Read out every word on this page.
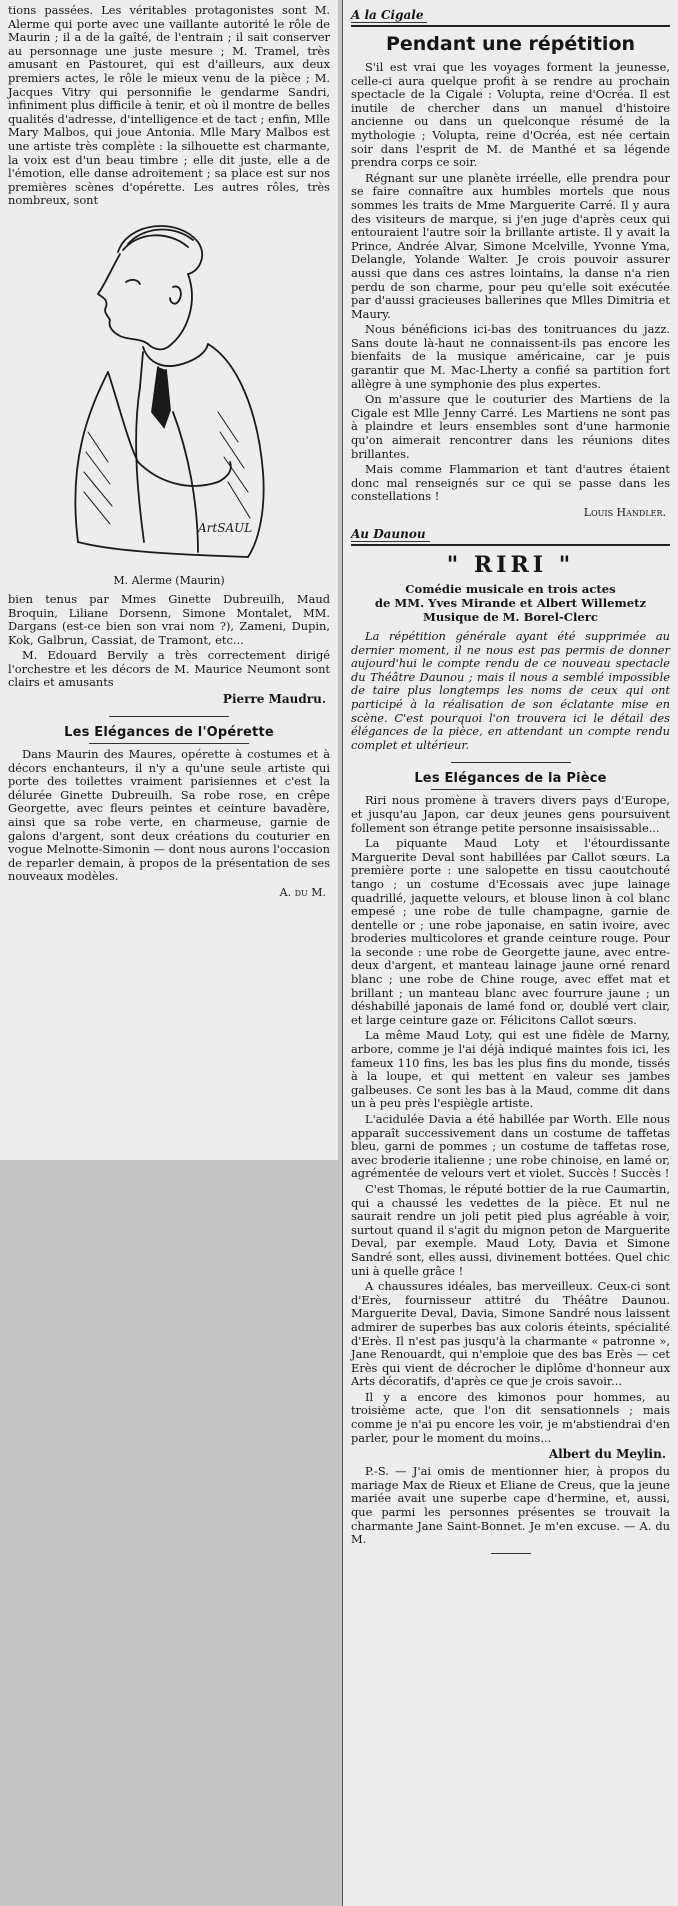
tions passées. Les véritables protagonistes sont M. Alerme qui porte avec une vaillante autorité le rôle de Maurin ; il a de la gaîté, de l'entrain ; il sait conserver au personnage une juste mesure ; M. Tramel, très amusant en Pastouret, qui est d'ailleurs, aux deux premiers actes, le rôle le mieux venu de la pièce ; M. Jacques Vitry qui personnifie le gendarme Sandri, infiniment plus difficile à tenir, et où il montre de belles qualités d'adresse, d'intelligence et de tact ; enfin, Mlle Mary Malbos, qui joue Antonia. Mlle Mary Malbos est une artiste très complète : la silhouette est charmante, la voix est d'un beau timbre ; elle dit juste, elle a de l'émotion, elle danse adroitement ; sa place est sur nos premières scènes d'opérette. Les autres rôles, très nombreux, sont

ArtSAUL
M. Alerme (Maurin)

bien tenus par Mmes Ginette Dubreuilh, Maud Broquin, Liliane Dorsenn, Simone Montalet, MM. Dargans (est-ce bien son vrai nom ?), Zameni, Dupin, Kok, Galbrun, Cassiat, de Tramont, etc...

M. Edouard Bervily a très correctement dirigé l'orchestre et les décors de M. Maurice Neumont sont clairs et amusants

Pierre Maudru.
Les Elégances de l'Opérette

Dans Maurin des Maures, opérette à costumes et à décors enchanteurs, il n'y a qu'une seule artiste qui porte des toilettes vraiment parisiennes et c'est la délurée Ginette Dubreuilh. Sa robe rose, en crêpe Georgette, avec fleurs peintes et ceinture bavadère, ainsi que sa robe verte, en charmeuse, garnie de galons d'argent, sont deux créations du couturier en vogue Melnotte-Simonin — dont nous aurons l'occasion de reparler demain, à propos de la présentation de ses nouveaux modèles.

A. du M.
A la Cigale
Pendant une répétition

S'il est vrai que les voyages forment la jeunesse, celle-ci aura quelque profit à se rendre au prochain spectacle de la Cigale : Volupta, reine d'Ocréa. Il est inutile de chercher dans un manuel d'histoire ancienne ou dans un quelconque résumé de la mythologie ; Volupta, reine d'Ocréa, est née certain soir dans l'esprit de M. de Manthé et sa légende prendra corps ce soir.

Régnant sur une planète irréelle, elle prendra pour se faire connaître aux humbles mortels que nous sommes les traits de Mme Marguerite Carré. Il y aura des visiteurs de marque, si j'en juge d'après ceux qui entouraient l'autre soir la brillante artiste. Il y avait la Prince, Andrée Alvar, Simone Mcelville, Yvonne Yma, Delangle, Yolande Walter. Je crois pouvoir assurer aussi que dans ces astres lointains, la danse n'a rien perdu de son charme, pour peu qu'elle soit exécutée par d'aussi gracieuses ballerines que Mlles Dimitria et Maury.

Nous bénéficions ici-bas des tonitruances du jazz. Sans doute là-haut ne connaissent-ils pas encore les bienfaits de la musique américaine, car je puis garantir que M. Mac-Lherty a confié sa partition fort allègre à une symphonie des plus expertes.

On m'assure que le couturier des Martiens de la Cigale est Mlle Jenny Carré. Les Martiens ne sont pas à plaindre et leurs ensembles sont d'une harmonie qu'on aimerait rencontrer dans les réunions dites brillantes.

Mais comme Flammarion et tant d'autres étaient donc mal renseignés sur ce qui se passe dans les constellations !

Louis Handler.
Au Daunou
" RIRI "

Comédie musicale en trois actes

de MM. Yves Mirande et Albert Willemetz

Musique de M. Borel-Clerc

La répétition générale ayant été supprimée au dernier moment, il ne nous est pas permis de donner aujourd'hui le compte rendu de ce nouveau spectacle du Théâtre Daunou ; mais il nous a semblé impossible de taire plus longtemps les noms de ceux qui ont participé à la réalisation de son éclatante mise en scène. C'est pourquoi l'on trouvera ici le détail des élégances de la pièce, en attendant un compte rendu complet et ultérieur.

Les Elégances de la Pièce

Riri nous promène à travers divers pays d'Europe, et jusqu'au Japon, car deux jeunes gens poursuivent follement son étrange petite personne insaisissable...

La piquante Maud Loty et l'étourdissante Marguerite Deval sont habillées par Callot sœurs. La première porte : une salopette en tissu caoutchouté tango ; un costume d'Ecossais avec jupe lainage quadrillé, jaquette velours, et blouse linon à col blanc empesé ; une robe de tulle champagne, garnie de dentelle or ; une robe japonaise, en satin ivoire, avec broderies multicolores et grande ceinture rouge. Pour la seconde : une robe de Georgette jaune, avec entre-deux d'argent, et manteau lainage jaune orné renard blanc ; une robe de Chine rouge, avec effet mat et brillant ; un manteau blanc avec fourrure jaune ; un déshabillé japonais de lamé fond or, doublé vert clair, et large ceinture gaze or. Félicitons Callot sœurs.

La même Maud Loty, qui est une fidèle de Marny, arbore, comme je l'ai déjà indiqué maintes fois ici, les fameux 110 fins, les bas les plus fins du monde, tissés à la loupe, et qui mettent en valeur ses jambes galbeuses. Ce sont les bas à la Maud, comme dit dans un à peu près l'espiègle artiste.

L'acidulée Davia a été habillée par Worth. Elle nous apparaît successivement dans un costume de taffetas bleu, garni de pommes ; un costume de taffetas rose, avec broderie italienne ; une robe chinoise, en lamé or, agrémentée de velours vert et violet. Succès ! Succès !

C'est Thomas, le réputé bottier de la rue Caumartin, qui a chaussé les vedettes de la pièce. Et nul ne saurait rendre un joli petit pied plus agréable à voir, surtout quand il s'agit du mignon peton de Marguerite Deval, par exemple. Maud Loty, Davia et Simone Sandré sont, elles aussi, divinement bottées. Quel chic uni à quelle grâce !

A chaussures idéales, bas merveilleux. Ceux-ci sont d'Erès, fournisseur attitré du Théâtre Daunou. Marguerite Deval, Davia, Simone Sandré nous laissent admirer de superbes bas aux coloris éteints, spécialité d'Erès. Il n'est pas jusqu'à la charmante « patronne », Jane Renouardt, qui n'emploie que des bas Erès — cet Erès qui vient de décrocher le diplôme d'honneur aux Arts décoratifs, d'après ce que je crois savoir...

Il y a encore des kimonos pour hommes, au troisième acte, que l'on dit sensationnels ; mais comme je n'ai pu encore les voir, je m'abstiendrai d'en parler, pour le moment du moins...

Albert du Meylin.

P.-S. — J'ai omis de mentionner hier, à propos du mariage Max de Rieux et Eliane de Creus, que la jeune mariée avait une superbe cape d'hermine, et, aussi, que parmi les personnes présentes se trouvait la charmante Jane Saint-Bonnet. Je m'en excuse. — A. du M.
